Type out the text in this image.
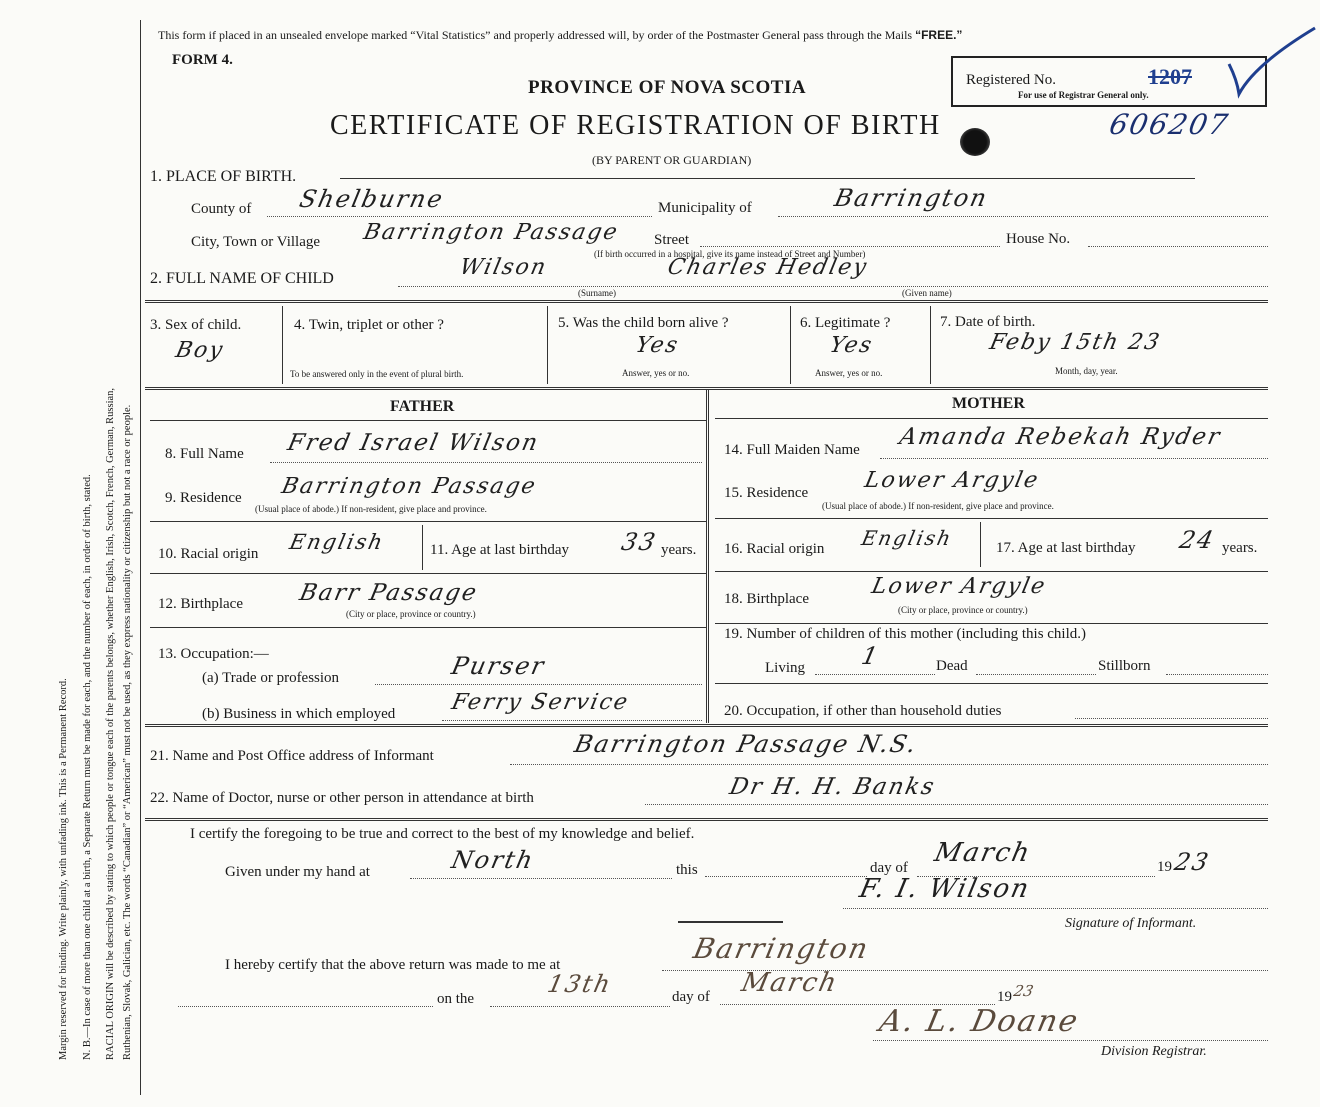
Margin reserved for binding. Write plainly, with unfading ink. This is a Permanent Record. N. B.—In case of more than one child at a birth, a Separate Return must be made for each, and the number of each, in order of birth, stated. RACIAL ORIGIN will be described by stating to which people or tongue each of the parents belongs, whether English, Irish, Scotch, French, German, Russian, Ruthenian, Slovak, Galician, etc. The words “Canadian” or “American” must not be used, as they express nationality or citizenship but not a race or people.
This form if placed in an unsealed envelope marked “Vital Statistics” and properly addressed will, by order of the Postmaster General pass through the Mails “FREE.”
FORM 4.
PROVINCE OF NOVA SCOTIA
CERTIFICATE OF REGISTRATION OF BIRTH
(BY PARENT OR GUARDIAN)
Registered No.	1207
For use of Registrar General only.
606207
1. PLACE OF BIRTH.
County of Shelburne	Municipality of	Barrington
City, Town or Village Barrington Passage Street	House No.
(If birth occurred in a hospital, give its name instead of Street and Number)
2. FULL NAME OF CHILD	Wilson	Charles Hedley
(Surname)	(Given name)
3. Sex of child.
Boy
4. Twin, triplet or other ?
To be answered only in the event of plural birth.
5. Was the child born alive ?
Yes
Answer, yes or no.
6. Legitimate ?
Yes
Answer, yes or no.
7. Date of birth.
Feby 15th 23
Month, day, year.
FATHER	MOTHER
8. Full Name Fred Israel Wilson
9. Residence Barrington Passage
(Usual place of abode.) If non-resident, give place and province.
10. Racial origin English	11. Age at last birthday 33 years.
12. Birthplace Barr Passage
(City or place, province or country.)
13. Occupation:—
(a) Trade or profession	Purser
(b) Business in which employed Ferry Service
14. Full Maiden Name Amanda Rebekah Ryder
15. Residence Lower Argyle
(Usual place of abode.) If non-resident, give place and province.
16. Racial origin English	17. Age at last birthday 24 years.
18. Birthplace	Lower Argyle
(City or place, province or country.)
19. Number of children of this mother (including this child.)
Living 1	Dead	Stillborn
20. Occupation, if other than household duties
21. Name and Post Office address of Informant	Barrington Passage N.S.
22. Name of Doctor, nurse or other person in attendance at birth	Dr H. H. Banks
I certify the foregoing to be true and correct to the best of my knowledge and belief.
Given under my hand at	North	this	day of March	19 23
F. I. Wilson
Signature of Informant.
I hereby certify that the above return was made to me at	Barrington
on the
13th	day of March	19 23
A. L. Doane
Division Registrar.
